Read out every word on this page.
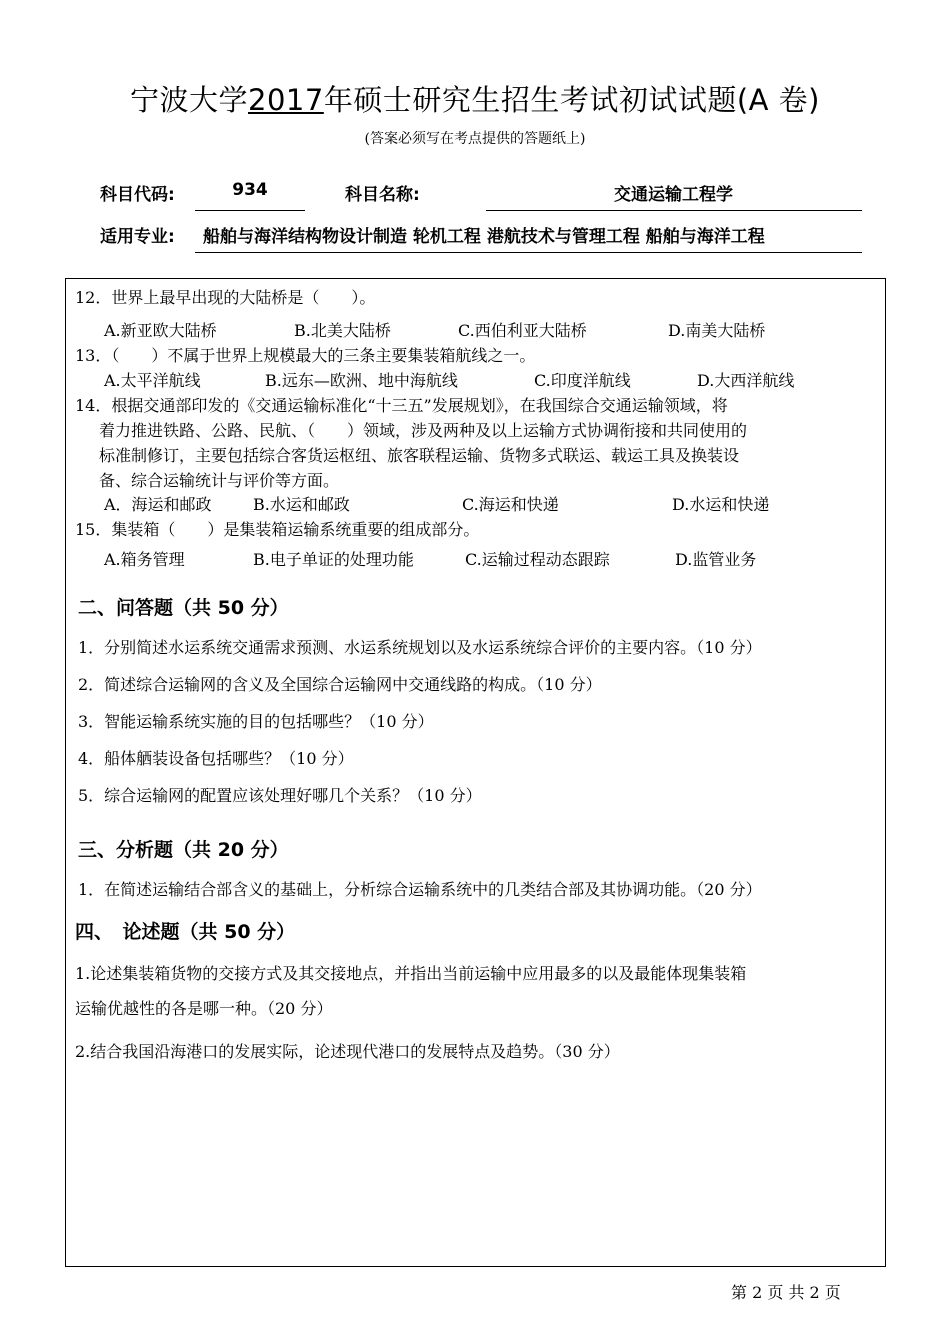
宁波大学2017年硕士研究生招生考试初试试题(A 卷)
(答案必须写在考点提供的答题纸上)
科目代码:	934	科目名称:	交通运输工程学
适用专业: 船舶与海洋结构物设计制造 轮机工程 港航技术与管理工程 船舶与海洋工程
12．世界上最早出现的大陆桥是（　　）。
A.新亚欧大陆桥	B.北美大陆桥	C.西伯利亚大陆桥	D.南美大陆桥
13．（　　）不属于世界上规模最大的三条主要集装箱航线之一。
A.太平洋航线	B.远东—欧洲、地中海航线	C.印度洋航线	D.大西洋航线
14．根据交通部印发的《交通运输标准化“十三五”发展规划》，在我国综合交通运输领域，将
着力推进铁路、公路、民航、（　　）领域，涉及两种及以上运输方式协调衔接和共同使用的
标准制修订，主要包括综合客货运枢纽、旅客联程运输、货物多式联运、载运工具及换装设
备、综合运输统计与评价等方面。
A．海运和邮政	B.水运和邮政	C.海运和快递	D.水运和快递
15．集装箱（　　）是集装箱运输系统重要的组成部分。
A.箱务管理	B.电子单证的处理功能	C.运输过程动态跟踪	D.监管业务
二、问答题（共 50 分）
1．分别简述水运系统交通需求预测、水运系统规划以及水运系统综合评价的主要内容。（10 分）
2．简述综合运输网的含义及全国综合运输网中交通线路的构成。（10 分）
3．智能运输系统实施的目的包括哪些？（10 分）
4．船体舾装设备包括哪些？（10 分）
5．综合运输网的配置应该处理好哪几个关系？（10 分）
三、分析题（共 20 分）
1．在简述运输结合部含义的基础上，分析综合运输系统中的几类结合部及其协调功能。（20 分）
四、　论述题（共 50 分）
1.论述集装箱货物的交接方式及其交接地点，并指出当前运输中应用最多的以及最能体现集装箱
运输优越性的各是哪一种。（20 分）
2.结合我国沿海港口的发展实际，论述现代港口的发展特点及趋势。（30 分）
第 2 页 共 2 页
